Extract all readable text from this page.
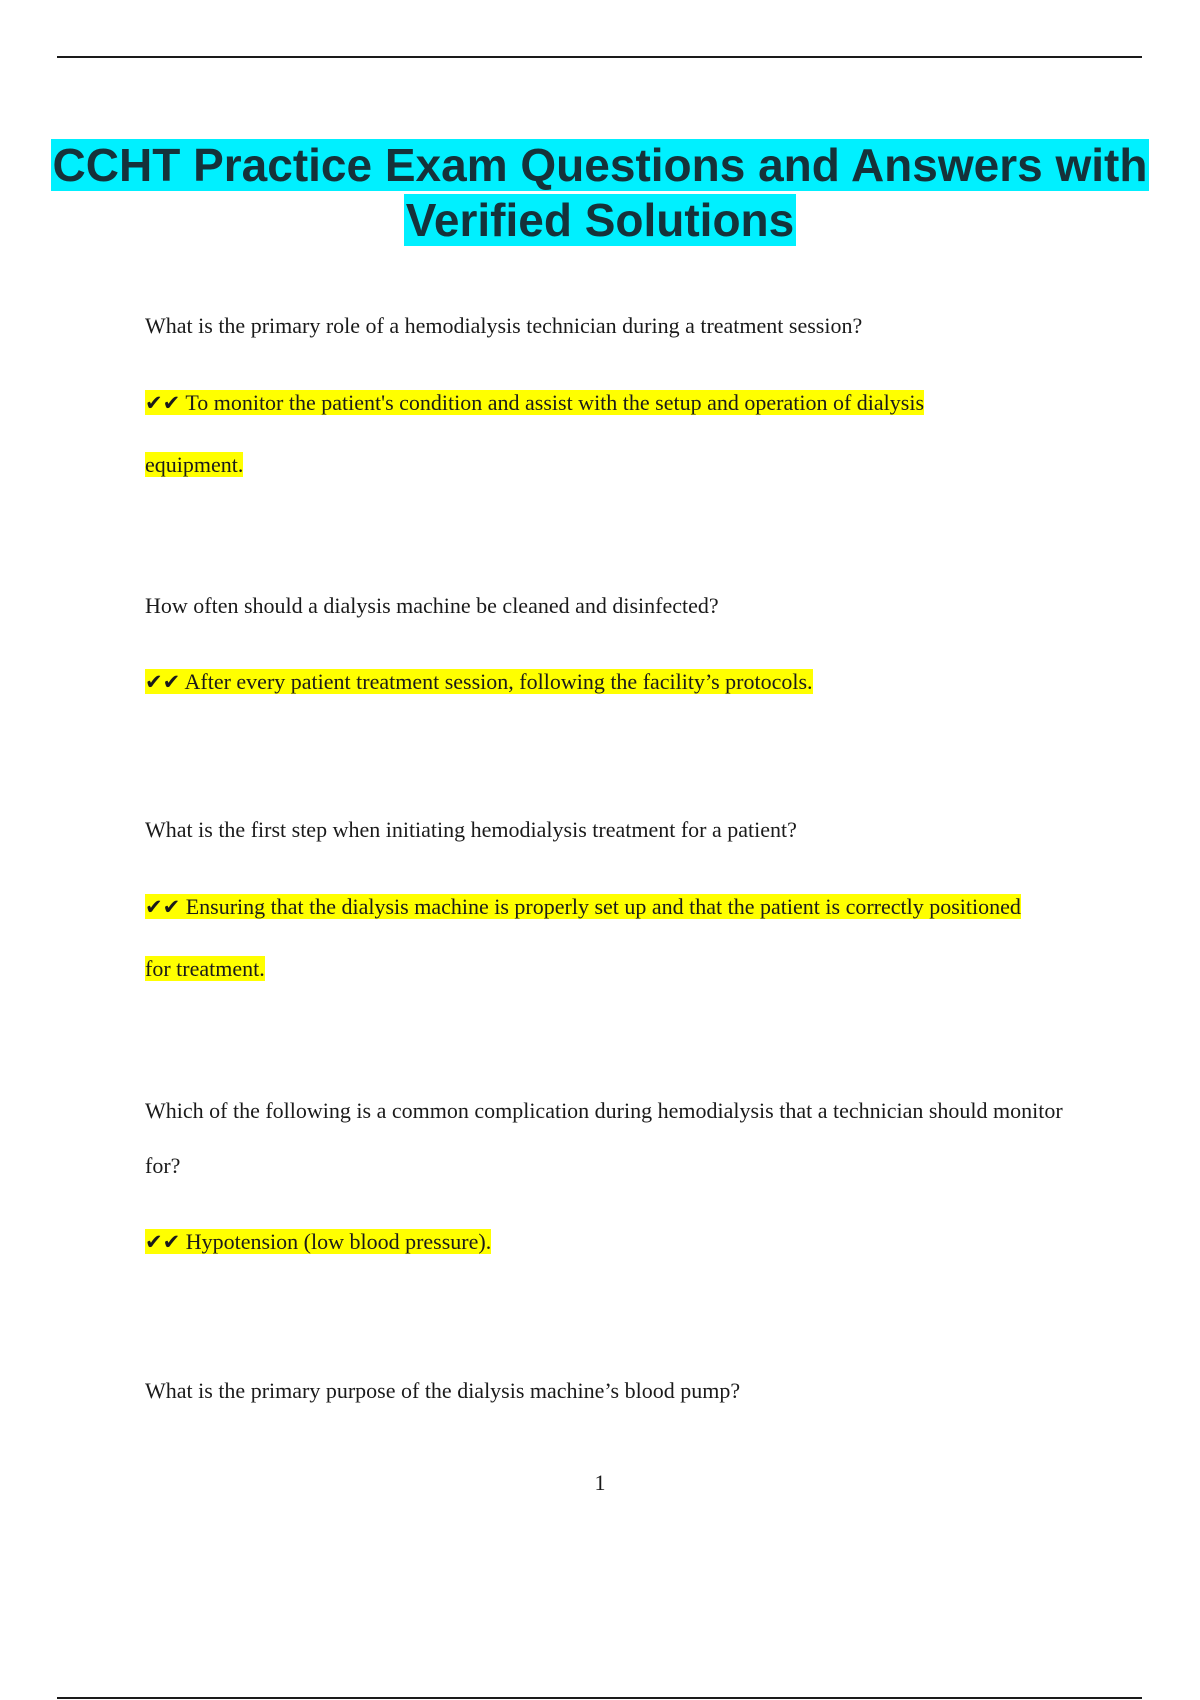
CCHT Practice Exam Questions and Answers with Verified Solutions

What is the primary role of a hemodialysis technician during a treatment session?

✔✔ To monitor the patient's condition and assist with the setup and operation of dialysis equipment.

How often should a dialysis machine be cleaned and disinfected?

✔✔ After every patient treatment session, following the facility’s protocols.

What is the first step when initiating hemodialysis treatment for a patient?

✔✔ Ensuring that the dialysis machine is properly set up and that the patient is correctly positioned for treatment.

Which of the following is a common complication during hemodialysis that a technician should monitor for?

✔✔ Hypotension (low blood pressure).

What is the primary purpose of the dialysis machine’s blood pump?

1
